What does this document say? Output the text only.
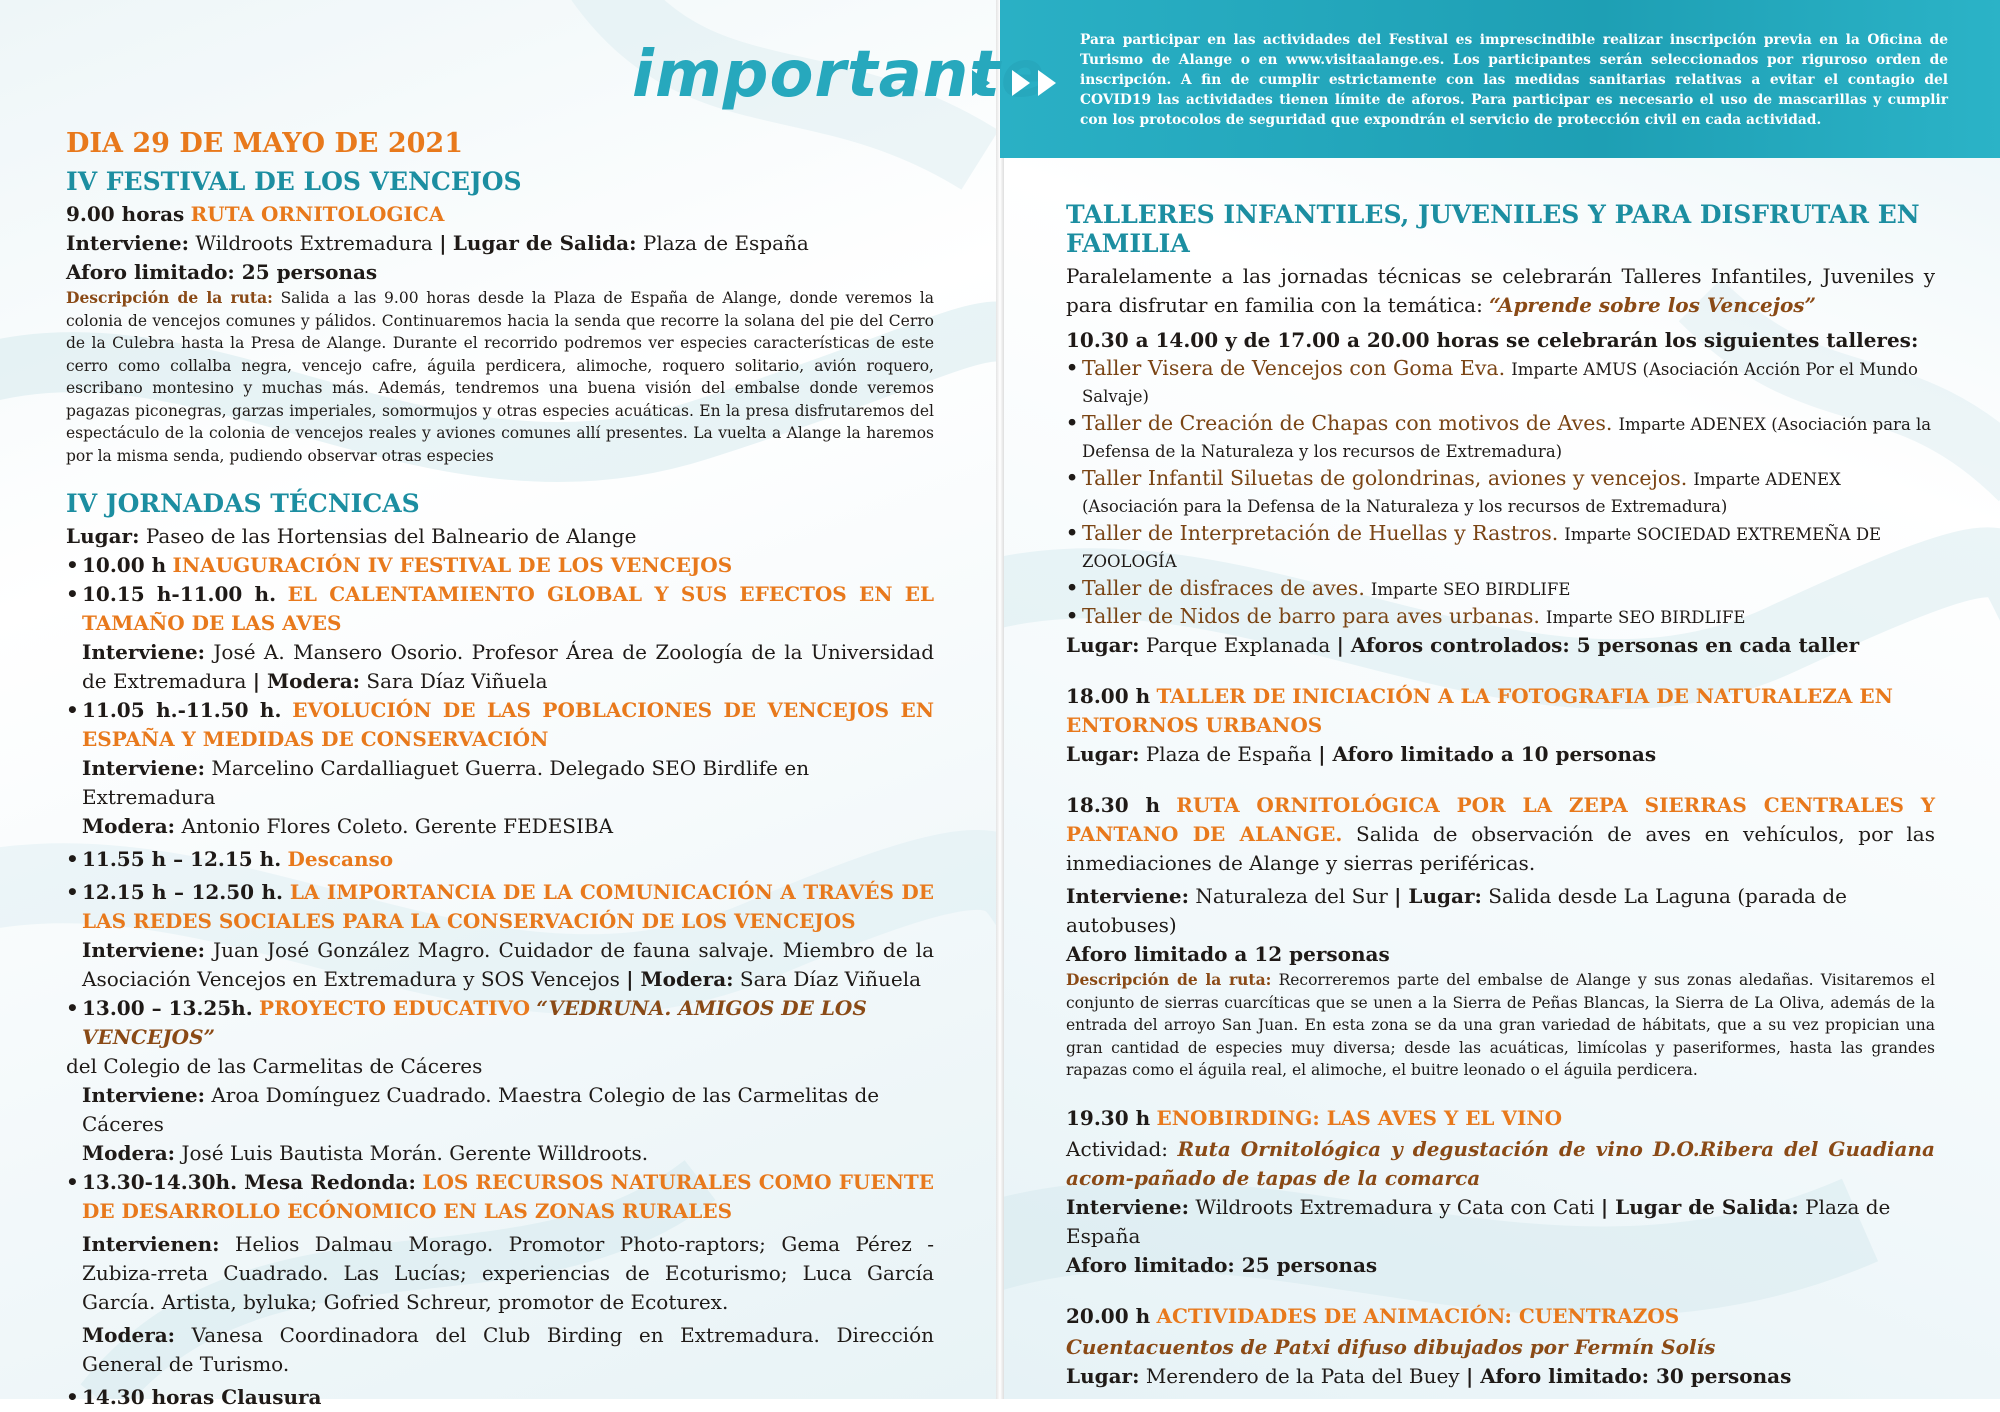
Para participar en las actividades del Festival es imprescindible realizar inscripción previa en la Oficina de Turismo de Alange o en www.visitaalange.es. Los participantes serán seleccionados por riguroso orden de inscripción. A fin de cumplir estrictamente con las medidas sanitarias relativas a evitar el contagio del COVID19 las actividades tienen límite de aforos. Para participar es necesario el uso de mascarillas y cumplir con los protocolos de seguridad que expondrán el servicio de protección civil en cada actividad.

importante
DIA 29 DE MAYO DE 2021
IV FESTIVAL DE LOS VENCEJOS

9.00 horas RUTA ORNITOLOGICA

Interviene: Wildroots Extremadura | Lugar de Salida: Plaza de España

Aforo limitado: 25 personas

Descripción de la ruta: Salida a las 9.00 horas desde la Plaza de España de Alange, donde veremos la colonia de vencejos comunes y pálidos. Continuaremos hacia la senda que recorre la solana del pie del Cerro de la Culebra hasta la Presa de Alange. Durante el recorrido podremos ver especies características de este cerro como collalba negra, vencejo cafre, águila perdicera, alimoche, roquero solitario, avión roquero, escribano montesino y muchas más. Además, tendremos una buena visión del embalse donde veremos pagazas piconegras, garzas imperiales, somormujos y otras especies acuáticas. En la presa disfrutaremos del espectáculo de la colonia de vencejos reales y aviones comunes allí presentes. La vuelta a Alange la haremos por la misma senda, pudiendo observar otras especies

IV JORNADAS TÉCNICAS

Lugar: Paseo de las Hortensias del Balneario de Alange

• 10.00 h INAUGURACIÓN IV FESTIVAL DE LOS VENCEJOS

• 10.15 h-11.00 h. EL CALENTAMIENTO GLOBAL Y SUS EFECTOS EN EL TAMAÑO DE LAS AVES

Interviene: José A. Mansero Osorio. Profesor Área de Zoología de la Universidad de Extremadura | Modera: Sara Díaz Viñuela

• 11.05 h.-11.50 h. EVOLUCIÓN DE LAS POBLACIONES DE VENCEJOS EN ESPAÑA Y MEDIDAS DE CONSERVACIÓN

Interviene: Marcelino Cardalliaguet Guerra. Delegado SEO Birdlife en Extremadura

Modera: Antonio Flores Coleto. Gerente FEDESIBA

• 11.55 h – 12.15 h. Descanso

• 12.15 h – 12.50 h. LA IMPORTANCIA DE LA COMUNICACIÓN A TRAVÉS DE LAS REDES SOCIALES PARA LA CONSERVACIÓN DE LOS VENCEJOS

Interviene: Juan José González Magro. Cuidador de fauna salvaje. Miembro de la Asociación Vencejos en Extremadura y SOS Vencejos | Modera: Sara Díaz Viñuela

• 13.00 – 13.25h. PROYECTO EDUCATIVO “VEDRUNA. AMIGOS DE LOS VENCEJOS”

del Colegio de las Carmelitas de Cáceres

Interviene: Aroa Domínguez Cuadrado. Maestra Colegio de las Carmelitas de Cáceres

Modera: José Luis Bautista Morán. Gerente Willdroots.

• 13.30-14.30h. Mesa Redonda: LOS RECURSOS NATURALES COMO FUENTE DE DESARROLLO ECÓNOMICO EN LAS ZONAS RURALES

Intervienen: Helios Dalmau Morago. Promotor Photo-raptors; Gema Pérez -Zubiza-rreta Cuadrado. Las Lucías; experiencias de Ecoturismo; Luca García García. Artista, byluka; Gofried Schreur, promotor de Ecoturex.

Modera: Vanesa Coordinadora del Club Birding en Extremadura. Dirección General de Turismo.

• 14.30 horas Clausura

TALLERES INFANTILES, JUVENILES Y PARA DISFRUTAR EN FAMILIA

Paralelamente a las jornadas técnicas se celebrarán Talleres Infantiles, Juveniles y para disfrutar en familia con la temática: “Aprende sobre los Vencejos”

10.30 a 14.00 y de 17.00 a 20.00 horas se celebrarán los siguientes talleres:

• Taller Visera de Vencejos con Goma Eva. Imparte AMUS (Asociación Acción Por el Mundo Salvaje)

• Taller de Creación de Chapas con motivos de Aves. Imparte ADENEX (Asociación para la Defensa de la Naturaleza y los recursos de Extremadura)

• Taller Infantil Siluetas de golondrinas, aviones y vencejos. Imparte ADENEX (Asociación para la Defensa de la Naturaleza y los recursos de Extremadura)

• Taller de Interpretación de Huellas y Rastros. Imparte SOCIEDAD EXTREMEÑA DE ZOOLOGÍA

• Taller de disfraces de aves. Imparte SEO BIRDLIFE

• Taller de Nidos de barro para aves urbanas. Imparte SEO BIRDLIFE

Lugar: Parque Explanada | Aforos controlados: 5 personas en cada taller

18.00 h TALLER DE INICIACIÓN A LA FOTOGRAFIA DE NATURALEZA EN ENTORNOS URBANOS

Lugar: Plaza de España | Aforo limitado a 10 personas

18.30 h RUTA ORNITOLÓGICA POR LA ZEPA SIERRAS CENTRALES Y PANTANO DE ALANGE. Salida de observación de aves en vehículos, por las inmediaciones de Alange y sierras periféricas.

Interviene: Naturaleza del Sur | Lugar: Salida desde La Laguna (parada de autobuses)

Aforo limitado a 12 personas

Descripción de la ruta: Recorreremos parte del embalse de Alange y sus zonas aledañas. Visitaremos el conjunto de sierras cuarcíticas que se unen a la Sierra de Peñas Blancas, la Sierra de La Oliva, además de la entrada del arroyo San Juan. En esta zona se da una gran variedad de hábitats, que a su vez propician una gran cantidad de especies muy diversa; desde las acuáticas, limícolas y paseriformes, hasta las grandes rapazas como el águila real, el alimoche, el buitre leonado o el águila perdicera.

19.30 h ENOBIRDING: LAS AVES Y EL VINO

Actividad: Ruta Ornitológica y degustación de vino D.O.Ribera del Guadiana acom-pañado de tapas de la comarca

Interviene: Wildroots Extremadura y Cata con Cati | Lugar de Salida: Plaza de España

Aforo limitado: 25 personas

20.00 h ACTIVIDADES DE ANIMACIÓN: CUENTRAZOS

Cuentacuentos de Patxi difuso dibujados por Fermín Solís

Lugar: Merendero de la Pata del Buey | Aforo limitado: 30 personas
